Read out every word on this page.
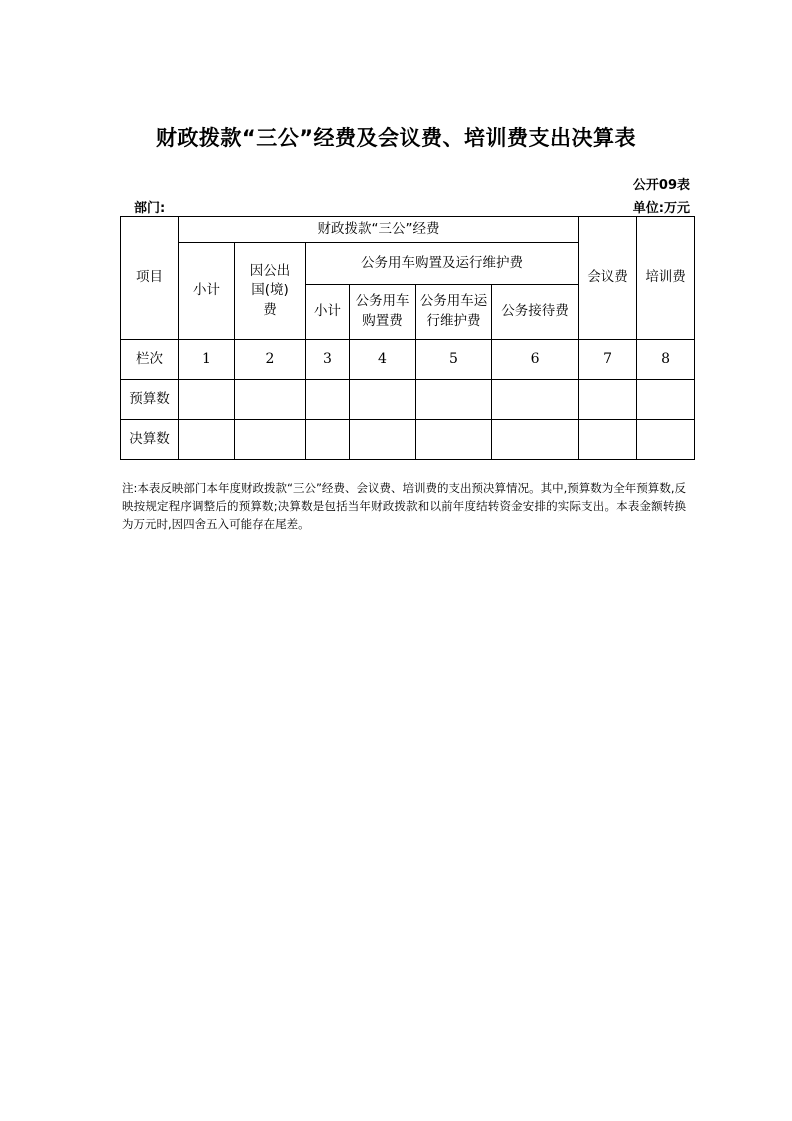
财政拨款“三公”经费及会议费、培训费支出决算表
公开09表
部门:	单位:万元
项目	财政拨款“三公”经费						会议费	培训费
	小计	因公出国(境)费	公务用车购置及运行维护费					
			小计	公务用车购置费	公务用车运行维护费	公务接待费		
栏次	1	2	3	4	5	6	7	8
预算数								
决算数								
注:本表反映部门本年度财政拨款“三公”经费、会议费、培训费的支出预决算情况。其中,预算数为全年预算数,反映按规定程序调整后的预算数;决算数是包括当年财政拨款和以前年度结转资金安排的实际支出。本表金额转换为万元时,因四舍五入可能存在尾差。
